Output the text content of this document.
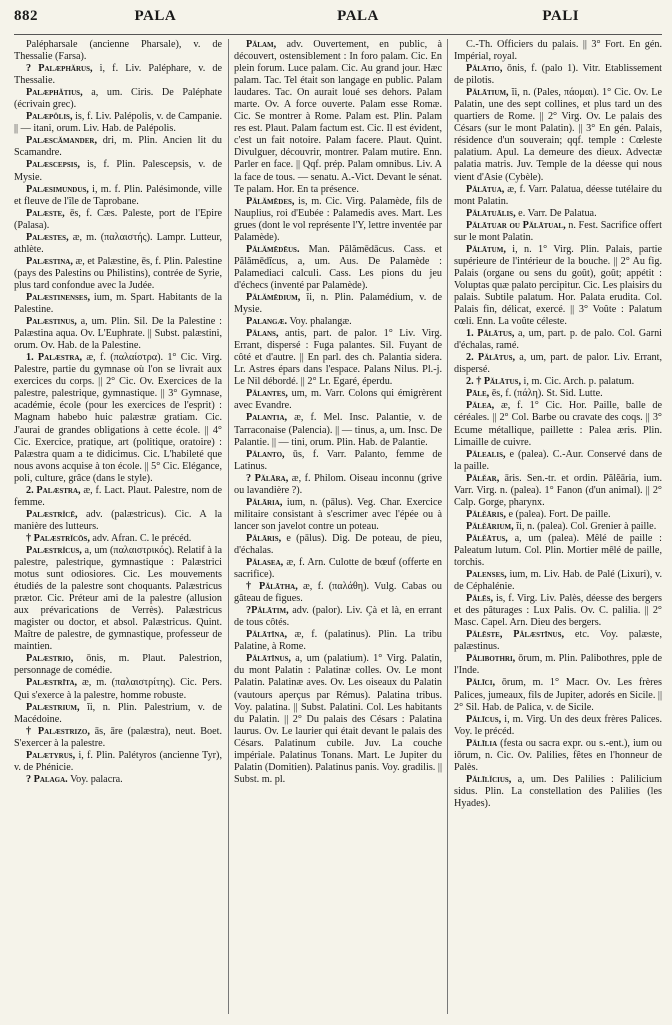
882	PALA	PALA	PALI

Palépharsale (ancienne Pharsale), v. de Thessalie (Farsa).

? Palæphărus, i, f. Liv. Paléphare, v. de Thessalie.

Palæphătius, a, um. Ciris. De Paléphate (écrivain grec).

Palæpŏlis, is, f. Liv. Palépolis, v. de Campanie. || — itani, orum. Liv. Hab. de Palépolis.

Palæscămander, dri, m. Plin. Ancien lit du Scamandre.

Palæscepsis, is, f. Plin. Palescepsis, v. de Mysie.

Palæsimundus, i, m. f. Plin. Palésimonde, ville et fleuve de l'île de Taprobane.

Palæste, ēs, f. Cæs. Paleste, port de l'Epire (Palasa).

Palæstes, æ, m. (παλαιστής). Lampr. Lutteur, athlète.

Palæstina, æ, et Palæstine, ēs, f. Plin. Palestine (pays des Palestins ou Philistins), contrée de Syrie, plus tard confondue avec la Judée.

Palæstinenses, ium, m. Spart. Habitants de la Palestine.

Palæstinus, a, um. Plin. Sil. De la Palestine : Palæstina aqua. Ov. L'Euphrate. || Subst. palæstini, orum. Ov. Hab. de la Palestine.

1. Palæstra, æ, f. (παλαίστρα). 1° Cic. Virg. Palestre, partie du gymnase où l'on se livrait aux exercices du corps. || 2° Cic. Ov. Exercices de la palestre, palestrique, gymnastique. || 3° Gymnase, académie, école (pour les exercices de l'esprit) : Magnam habebo huic palæstræ gratiam. Cic. J'aurai de grandes obligations à cette école. || 4° Cic. Exercice, pratique, art (politique, oratoire) : Palæstra quam a te didicimus. Cic. L'habileté que nous avons acquise à ton école. || 5° Cic. Elégance, poli, culture, grâce (dans le style).

2. Palæstra, æ, f. Lact. Plaut. Palestre, nom de femme.

Palæstrĭcē, adv. (palæstricus). Cic. A la manière des lutteurs.

† Palæstrĭcōs, adv. Afran. C. le précéd.

Palæstrĭcus, a, um (παλαιστρικός). Relatif à la palestre, palestrique, gymnastique : Palæstrici motus sunt odiosiores. Cic. Les mouvements étudiés de la palestre sont choquants. Palæstricus prætor. Cic. Préteur ami de la palestre (allusion aux prévarications de Verrès). Palæstricus magister ou doctor, et absol. Palæstricus. Quint. Maître de palestre, de gymnastique, professeur de maintien.

Palæstrio, ōnis, m. Plaut. Palestrion, personnage de comédie.

Palæstrīta, æ, m. (παλαιστρίτης). Cic. Pers. Qui s'exerce à la palestre, homme robuste.

Palæstrium, ĭi, n. Plin. Palestrium, v. de Macédoine.

† Palæstrizo, ās, āre (palæstra), neut. Boet. S'exercer à la palestre.

Palætyrus, i, f. Plin. Palétyros (ancienne Tyr), v. de Phénicie.

? Palaga. Voy. palacra.

Pălam, adv. Ouvertement, en public, à découvert, ostensiblement : In foro palam. Cic. En plein forum. Luce palam. Cic. Au grand jour. Hæc palam. Tac. Tel était son langage en public. Palam laudares. Tac. On aurait loué ses dehors. Palam marte. Ov. A force ouverte. Palam esse Romæ. Cic. Se montrer à Rome. Palam est. Plin. Palam res est. Plaut. Palam factum est. Cic. Il est évident, c'est un fait notoire. Palam facere. Plaut. Quint. Divulguer, découvrir, montrer. Palam mutire. Enn. Parler en face. || Qqf. prép. Palam omnibus. Liv. A la face de tous. — senatu. A.-Vict. Devant le sénat. Te palam. Hor. En ta présence.

Pălămēdes, is, m. Cic. Virg. Palamède, fils de Nauplius, roi d'Eubée : Palamedis aves. Mart. Les grues (dont le vol représente l'Y, lettre inventée par Palamède).

Pălămēdēus. Man. Pălămēdācus. Cass. et Pălămēdĭcus, a, um. Aus. De Palamède : Palamediaci calculi. Cass. Les pions du jeu d'échecs (inventé par Palamède).

Pălămēdium, ĭi, n. Plin. Palamédium, v. de Mysie.

Palangæ. Voy. phalangæ.

Pălans, antis, part. de palor. 1° Liv. Virg. Errant, dispersé : Fuga palantes. Sil. Fuyant de côté et d'autre. || En parl. des ch. Palantia sidera. Lr. Astres épars dans l'espace. Palans Nilus. Pl.-j. Le Nil débordé. || 2° Lr. Egaré, éperdu.

Pălantes, um, m. Varr. Colons qui émigrèrent avec Evandre.

Palantia, æ, f. Mel. Insc. Palantie, v. de Tarraconaise (Palencia). || — tinus, a, um. Insc. De Palantie. || — tini, orum. Plin. Hab. de Palantie.

Pălanto, ūs, f. Varr. Palanto, femme de Latinus.

? Pălāra, æ, f. Philom. Oiseau inconnu (grive ou lavandière ?).

Pălāria, ium, n. (pālus). Veg. Char. Exercice militaire consistant à s'escrimer avec l'épée ou à lancer son javelot contre un poteau.

Pălāris, e (pālus). Dig. De poteau, de pieu, d'échalas.

Pălasea, æ, f. Arn. Culotte de bœuf (offerte en sacrifice).

† Pălātha, æ, f. (παλάθη). Vulg. Cabas ou gâteau de figues.

?Pălātim, adv. (palor). Liv. Çà et là, en errant de tous côtés.

Pălātīna, æ, f. (palatinus). Plin. La tribu Palatine, à Rome.

Pălātīnus, a, um (palatium). 1° Virg. Palatin, du mont Palatin : Palatinæ colles. Ov. Le mont Palatin. Palatinæ aves. Ov. Les oiseaux du Palatin (vautours aperçus par Rémus). Palatina tribus. Voy. palatina. || Subst. Palatini. Col. Les habitants du Palatin. || 2° Du palais des Césars : Palatina laurus. Ov. Le laurier qui était devant le palais des Césars. Palatinum cubile. Juv. La couche impériale. Palatinus Tonans. Mart. Le Jupiter du Palatin (Domitien). Palatinus panis. Voy. gradilis. || Subst. m. pl.

C.-Th. Officiers du palais. || 3° Fort. En gén. Impérial, royal.

Pălātio, ōnis, f. (palo 1). Vitr. Etablissement de pilotis.

Pălātium, ĭi, n. (Pales, πάομαι). 1° Cic. Ov. Le Palatin, une des sept collines, et plus tard un des quartiers de Rome. || 2° Virg. Ov. Le palais des Césars (sur le mont Palatin). || 3° En gén. Palais, résidence d'un souverain; qqf. temple : Cœleste palatium. Apul. La demeure des dieux. Advectæ palatia matris. Juv. Temple de la déesse qui nous vient d'Asie (Cybèle).

Pălātua, æ, f. Varr. Palatua, déesse tutélaire du mont Palatin.

Pălātuālis, e. Varr. De Palatua.

Pălātuar ou Pălātual, n. Fest. Sacrifice offert sur le mont Palatin.

Pălātum, i, n. 1° Virg. Plin. Palais, partie supérieure de l'intérieur de la bouche. || 2° Au fig. Palais (organe ou sens du goût), goût; appétit : Voluptas quæ palato percipitur. Cic. Les plaisirs du palais. Subtile palatum. Hor. Palata erudita. Col. Palais fin, délicat, exercé. || 3° Voûte : Palatum cœli. Enn. La voûte céleste.

1. Pălātus, a, um, part. p. de palo. Col. Garni d'échalas, ramé.

2. Pălātus, a, um, part. de palor. Liv. Errant, dispersé.

2. † Pălātus, i, m. Cic. Arch. p. palatum.

Pāle, ēs, f. (πάλη). St. Sid. Lutte.

Pălea, æ, f. 1° Cic. Hor. Paille, balle de céréales. || 2° Col. Barbe ou cravate des coqs. || 3° Ecume métallique, paillette : Palea æris. Plin. Limaille de cuivre.

Pălealis, e (palea). C.-Aur. Conservé dans de la paille.

Pălĕar, āris. Sen.-tr. et ordin. Pălĕāria, ium. Varr. Virg. n. (palea). 1° Fanon (d'un animal). || 2° Calp. Gorge, pharynx.

Pălĕāris, e (palea). Fort. De paille.

Pălĕārium, ĭi, n. (palea). Col. Grenier à paille.

Pălĕātus, a, um (palea). Mêlé de paille : Paleatum lutum. Col. Plin. Mortier mêlé de paille, torchis.

Palenses, ium, m. Liv. Hab. de Palé (Lixuri), v. de Céphalénie.

Pălēs, is, f. Virg. Liv. Palès, déesse des bergers et des pâturages : Lux Palis. Ov. C. palilia. || 2° Masc. Capel. Arn. Dieu des bergers.

Pălēste, Pălæstīnus, etc. Voy. palæste, palæstinus.

Pălibothri, ōrum, m. Plin. Palibothres, pple de l'Inde.

Pălīci, ōrum, m. 1° Macr. Ov. Les frères Palices, jumeaux, fils de Jupiter, adorés en Sicile. || 2° Sil. Hab. de Palica, v. de Sicile.

Pălīcus, i, m. Virg. Un des deux frères Palices. Voy. le précéd.

Pălīlia (festa ou sacra expr. ou s.-ent.), ium ou iōrum, n. Cic. Ov. Palilies, fêtes en l'honneur de Palès.

Pălīlĭcius, a, um. Des Palilies : Palilicium sidus. Plin. La constellation des Palilies (les Hyades).
